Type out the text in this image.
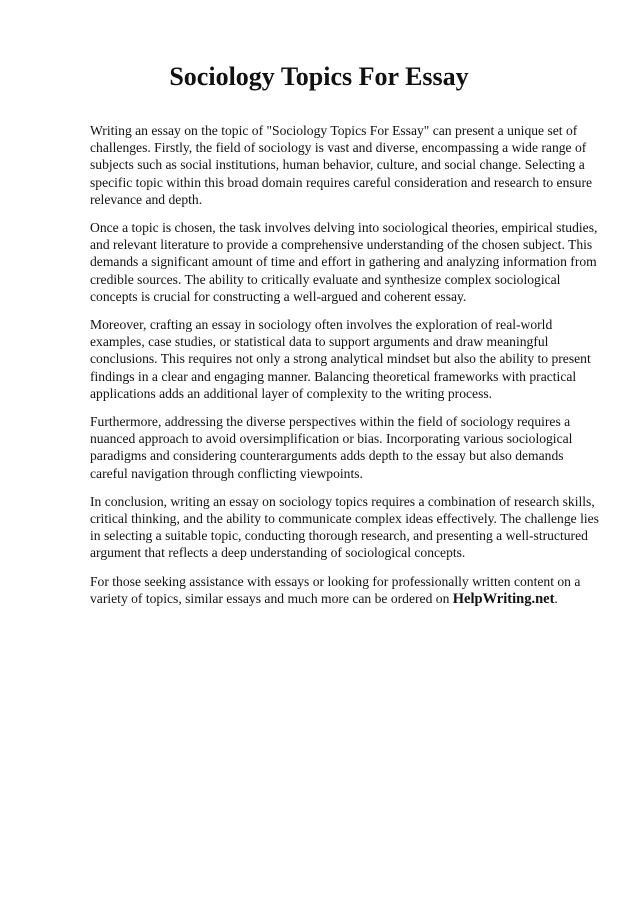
Sociology Topics For Essay

Writing an essay on the topic of "Sociology Topics For Essay" can present a unique set of challenges. Firstly, the field of sociology is vast and diverse, encompassing a wide range of subjects such as social institutions, human behavior, culture, and social change. Selecting a specific topic within this broad domain requires careful consideration and research to ensure relevance and depth.

Once a topic is chosen, the task involves delving into sociological theories, empirical studies, and relevant literature to provide a comprehensive understanding of the chosen subject. This demands a significant amount of time and effort in gathering and analyzing information from credible sources. The ability to critically evaluate and synthesize complex sociological concepts is crucial for constructing a well-argued and coherent essay.

Moreover, crafting an essay in sociology often involves the exploration of real-world examples, case studies, or statistical data to support arguments and draw meaningful conclusions. This requires not only a strong analytical mindset but also the ability to present findings in a clear and engaging manner. Balancing theoretical frameworks with practical applications adds an additional layer of complexity to the writing process.

Furthermore, addressing the diverse perspectives within the field of sociology requires a nuanced approach to avoid oversimplification or bias. Incorporating various sociological paradigms and considering counterarguments adds depth to the essay but also demands careful navigation through conflicting viewpoints.

In conclusion, writing an essay on sociology topics requires a combination of research skills, critical thinking, and the ability to communicate complex ideas effectively. The challenge lies in selecting a suitable topic, conducting thorough research, and presenting a well-structured argument that reflects a deep understanding of sociological concepts.

For those seeking assistance with essays or looking for professionally written content on a variety of topics, similar essays and much more can be ordered on HelpWriting.net.
